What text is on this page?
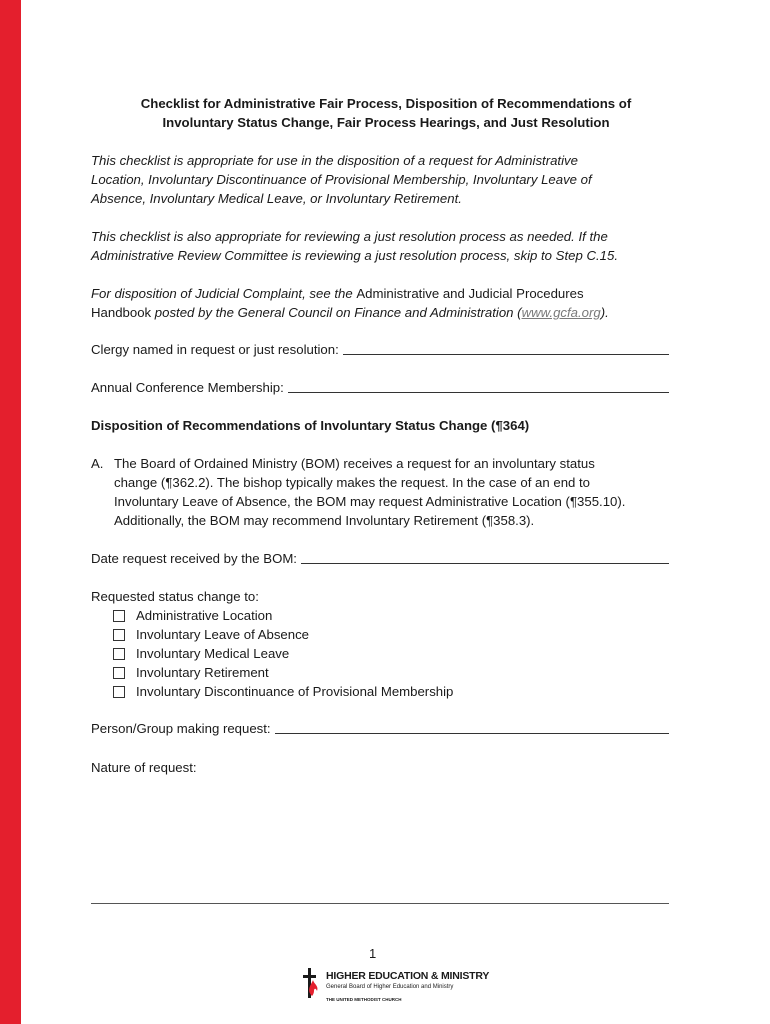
Checklist for Administrative Fair Process, Disposition of Recommendations of
Involuntary Status Change, Fair Process Hearings, and Just Resolution
This checklist is appropriate for use in the disposition of a request for Administrative
Location, Involuntary Discontinuance of Provisional Membership, Involuntary Leave of
Absence, Involuntary Medical Leave, or Involuntary Retirement.
This checklist is also appropriate for reviewing a just resolution process as needed. If the
Administrative Review Committee is reviewing a just resolution process, skip to Step C.15.
For disposition of Judicial Complaint, see the Administrative and Judicial Procedures
Handbook posted by the General Council on Finance and Administration (www.gcfa.org).
Clergy named in request or just resolution:
Annual Conference Membership:
Disposition of Recommendations of Involuntary Status Change (¶364)
A. The Board of Ordained Ministry (BOM) receives a request for an involuntary status
change (¶362.2). The bishop typically makes the request. In the case of an end to
Involuntary Leave of Absence, the BOM may request Administrative Location (¶355.10).
Additionally, the BOM may recommend Involuntary Retirement (¶358.3).
Date request received by the BOM:
Requested status change to:
Administrative Location
Involuntary Leave of Absence
Involuntary Medical Leave
Involuntary Retirement
Involuntary Discontinuance of Provisional Membership
Person/Group making request:
Nature of request:
1
HIGHER EDUCATION & MINISTRY
General Board of Higher Education and Ministry
THE UNITED METHODIST CHURCH
